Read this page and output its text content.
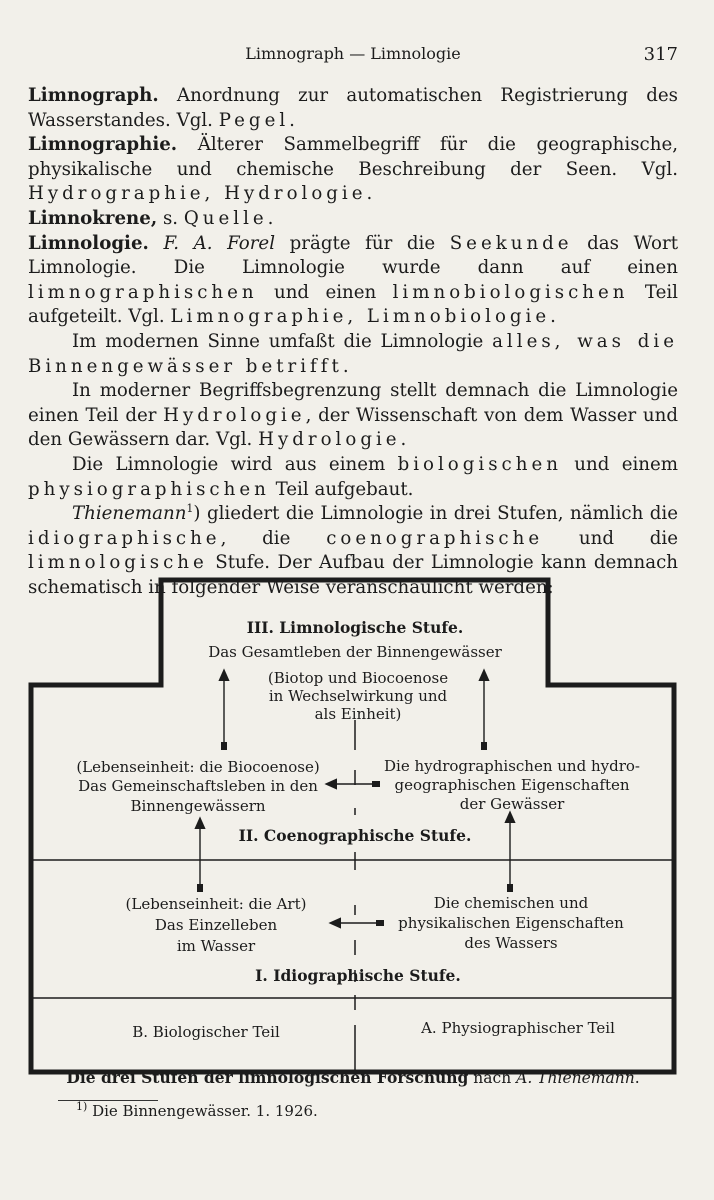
Limnograph — Limnologie	317

Limnograph. Anordnung zur automatischen Registrierung des Wasserstandes. Vgl. Pegel.

Limnographie. Älterer Sammelbegriff für die geographische, physikalische und chemische Beschreibung der Seen. Vgl. Hydrographie, Hydrologie.

Limnokrene, s. Quelle.

Limnologie. F. A. Forel prägte für die Seekunde das Wort Limnologie. Die Limnologie wurde dann auf einen limnographischen und einen limnobiologischen Teil aufgeteilt. Vgl. Limnographie, Limnobiologie.

Im modernen Sinne umfaßt die Limnologie alles, was die Binnengewässer betrifft.

In moderner Begriffsbegrenzung stellt demnach die Limnologie einen Teil der Hydrologie, der Wissenschaft von dem Wasser und den Gewässern dar. Vgl. Hydrologie.

Die Limnologie wird aus einem biologischen und einem physiographischen Teil aufgebaut.

Thienemann$^1$) gliedert die Limnologie in drei Stufen, nämlich die idiographische, die coenographische und die limnologische Stufe. Der Aufbau der Limnologie kann demnach schematisch in folgender Weise veranschaulicht werden:

III. Limnologische Stufe.
Das Gesamtleben der Binnengewässer
(Biotop und Biocoenose
in Wechselwirkung und
als Einheit)
(Lebenseinheit: die Biocoenose)
Das Gemeinschaftsleben in den
Binnengewässern
Die hydrographischen und hydro-
geographischen Eigenschaften
der Gewässer
II. Coenographische Stufe.
(Lebenseinheit: die Art)
Das Einzelleben
im Wasser
Die chemischen und
physikalischen Eigenschaften
des Wassers
I. Idiographische Stufe.
B. Biologischer Teil	A. Physiographischer Teil
Die drei Stufen der limnologischen Forschung nach A. Thienemann.
$^{1)}$ Die Binnengewässer. 1. 1926.
